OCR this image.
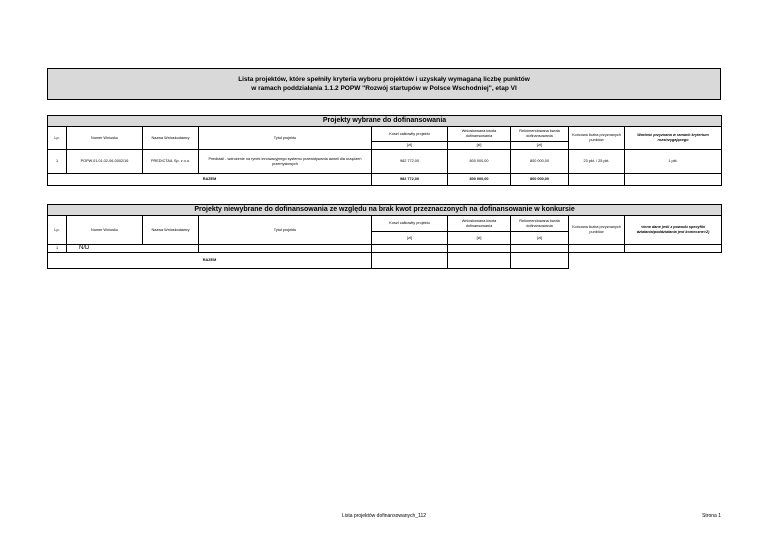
Lista projektów, które spełniły kryteria wyboru projektów i uzyskały wymaganą liczbę punktów
w ramach poddziałania 1.1.2 POPW "Rozwój startupów w Polsce Wschodniej", etap VI
Projekty wybrane do dofinansowania								
Lp.	Numer Wniosku	Nazwa Wnioskodawcy	Tytuł projektu	Koszt całkowity projektu	Wnioskowana kwota dofinansowania	Rekomendowana kwota dofinansowania	Końcowa liczba przyznanych punktów	Wartość przyznana w ramach kryterium rozstrzygającego
				[zł]	[zł]	[zł]		
1	POPW.01.01.02-06-0002/16	PREDICTAIL Sp. z o.o.	Predictail - wdrożenie na rynek innowacyjnego systemu przewidywania awarii dla urządzeń przemysłowych	982 772,00	800 000,00	800 000,00	23 pkt. / 25 pkt.	1 pkt.
RAZEM				982 772,00	800 000,00	800 000,00		
Projekty niewybrane do dofinansowania ze względu na brak kwot przeznaczonych na dofinansowanie w konkursie								
Lp.	Numer Wniosku	Nazwa Wnioskodawcy	Tytuł projektu	Koszt całkowity projektu	Wnioskowana kwota dofinansowania	Rekomendowana kwota dofinansowania	Końcowa liczba przyznanych punktów	<inne dane jeśli z powodu specyfiki działania/poddziałania jest konieczne>2)
				[zł]	[zł]	[zł]		
1	N/D							
RAZEM								
Lista projektów dofinansowanych_112	Strona 1
